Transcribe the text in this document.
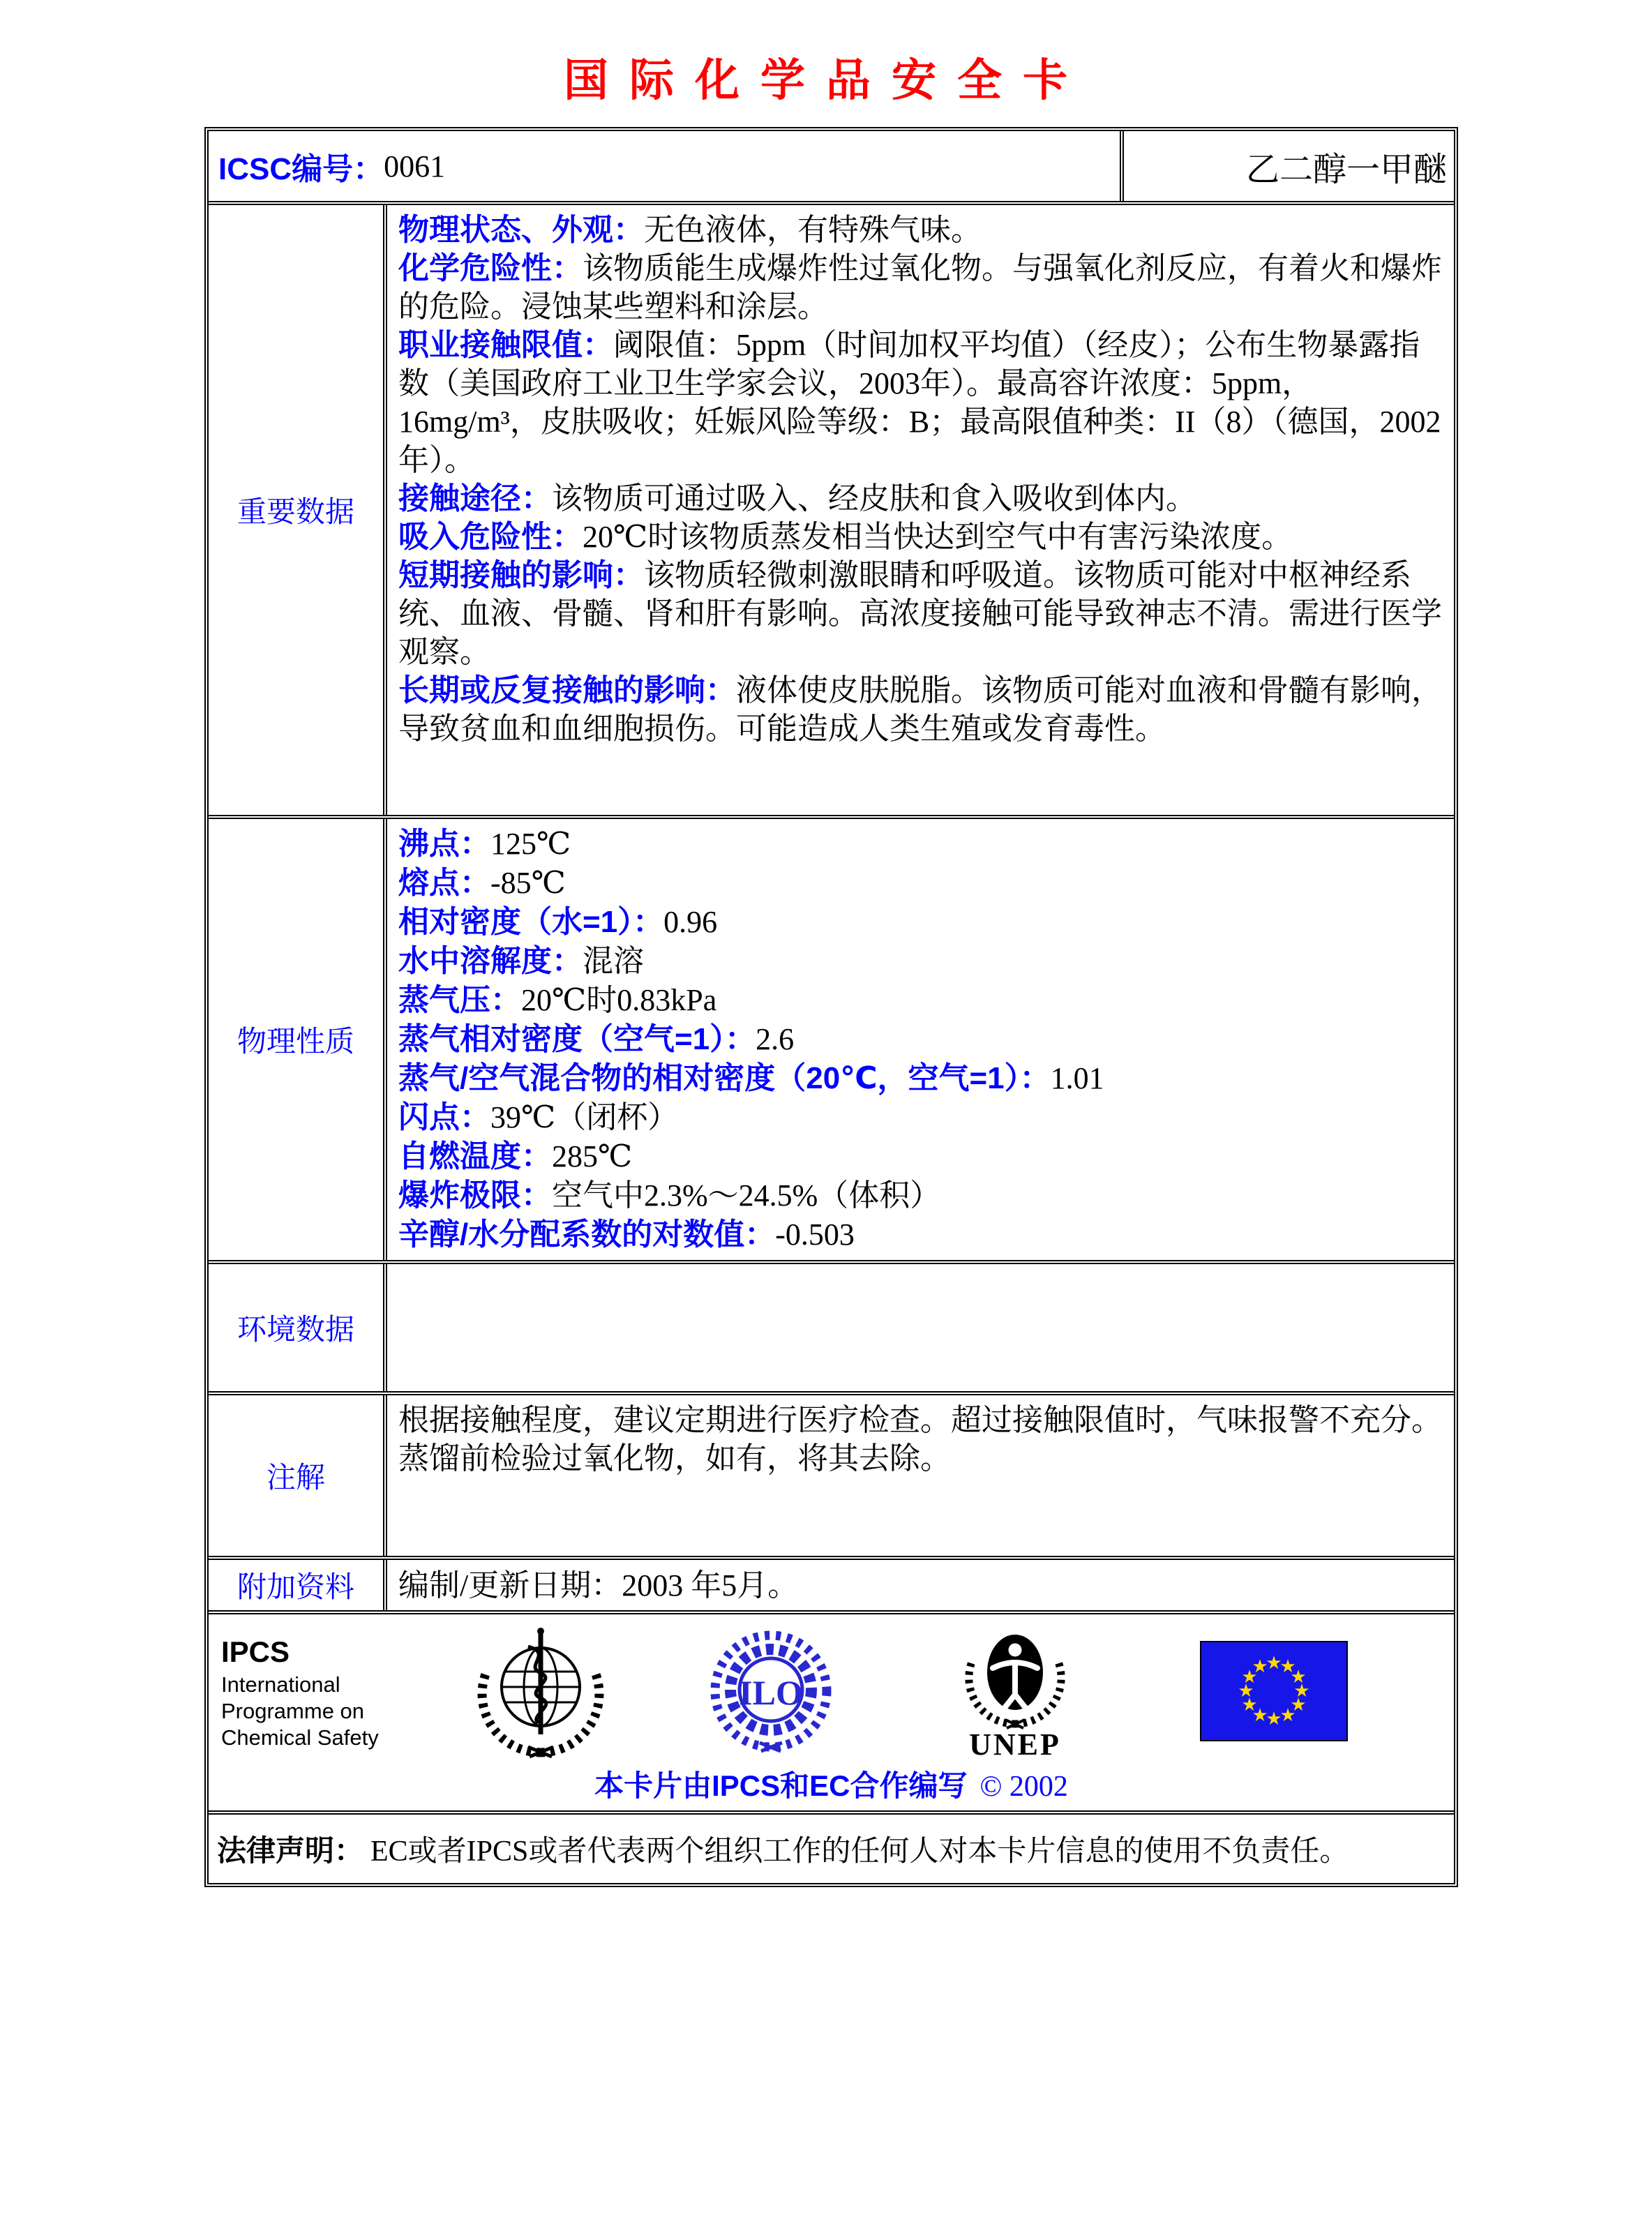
国际化学品安全卡
ICSC编号： 0061	乙二醇一甲醚
重要数据

物理状态、外观：无色液体，有特殊气味。

化学危险性：该物质能生成爆炸性过氧化物。与强氧化剂反应，有着火和爆炸的危险。浸蚀某些塑料和涂层。

职业接触限值：阈限值：5ppm（时间加权平均值）（经皮）；公布生物暴露指数（美国政府工业卫生学家会议，2003年）。最高容许浓度：5ppm，16mg/m³，皮肤吸收；妊娠风险等级：B；最高限值种类：II（8）（德国，2002年）。

接触途径：该物质可通过吸入、经皮肤和食入吸收到体内。

吸入危险性：20℃时该物质蒸发相当快达到空气中有害污染浓度。

短期接触的影响：该物质轻微刺激眼睛和呼吸道。该物质可能对中枢神经系统、血液、骨髓、肾和肝有影响。高浓度接触可能导致神志不清。需进行医学观察。

长期或反复接触的影响：液体使皮肤脱脂。该物质可能对血液和骨髓有影响，导致贫血和血细胞损伤。可能造成人类生殖或发育毒性。

物理性质
沸点：125℃
熔点：-85℃
相对密度（水=1）：0.96
水中溶解度：混溶
蒸气压：20℃时0.83kPa
蒸气相对密度（空气=1）：2.6
蒸气/空气混合物的相对密度（20℃，空气=1）：1.01
闪点：39℃（闭杯）
自燃温度：285℃
爆炸极限：空气中2.3%～24.5%（体积）
辛醇/水分配系数的对数值：-0.503
环境数据
注解
根据接触程度，建议定期进行医疗检查。超过接触限值时，气味报警不充分。蒸馏前检验过氧化物，如有，将其去除。
附加资料	编制/更新日期：2003 年5月。
IPCS
International
Programme on
Chemical Safety
ILO
UNEP
★
★
★
★
★
★
★
★
★
★
★
★
本卡片由IPCS和EC合作编写 © 2002
法律声明： EC或者IPCS或者代表两个组织工作的任何人对本卡片信息的使用不负责任。
